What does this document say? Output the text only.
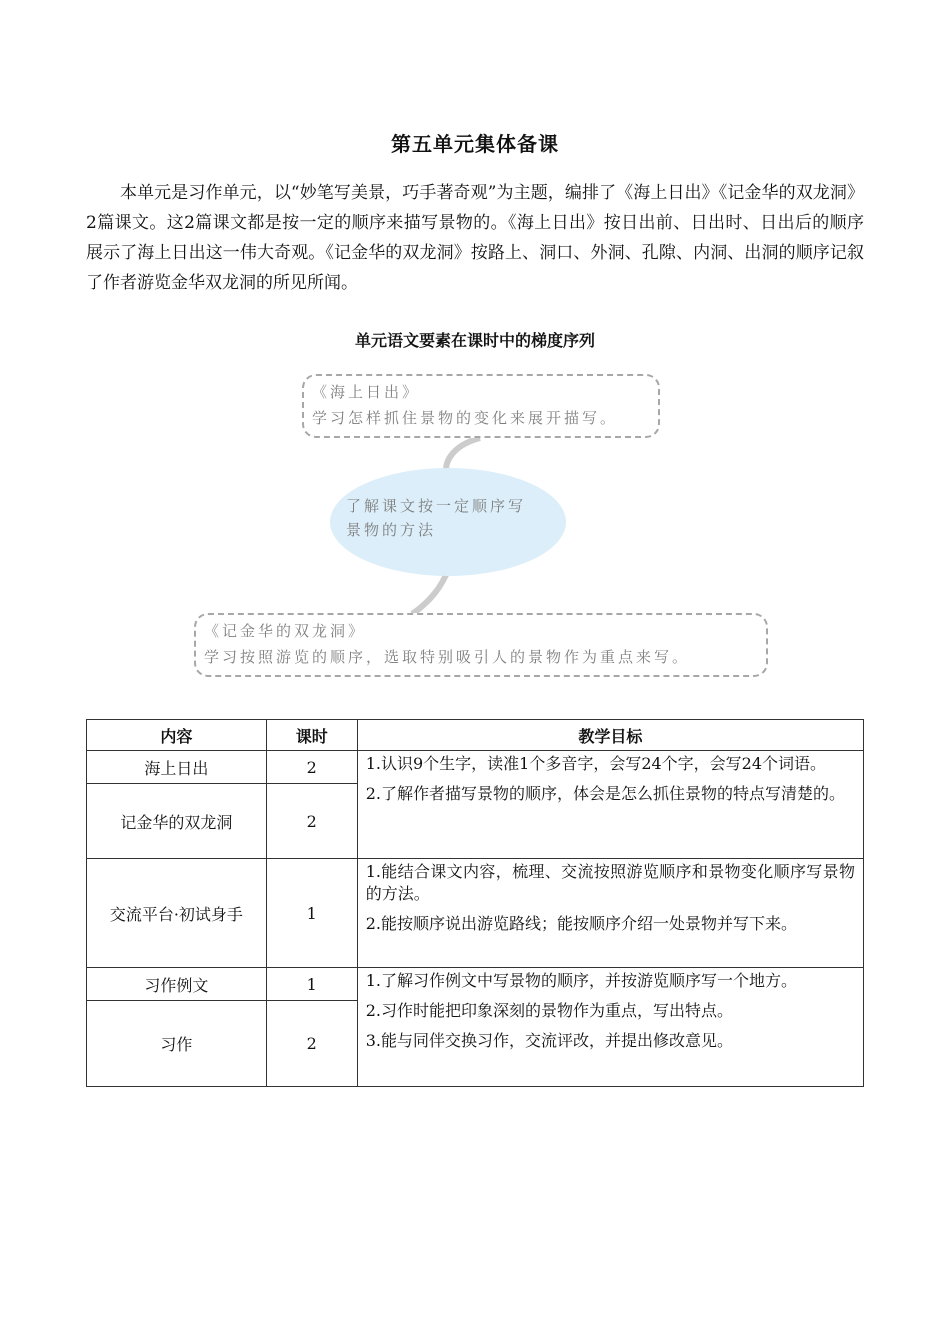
第五单元集体备课
本单元是习作单元，以“妙笔写美景，巧手著奇观”为主题，编排了《海上日出》《记金华的双龙洞》2篇课文。这2篇课文都是按一定的顺序来描写景物的。《海上日出》按日出前、日出时、日出后的顺序展示了海上日出这一伟大奇观。《记金华的双龙洞》按路上、洞口、外洞、孔隙、内洞、出洞的顺序记叙了作者游览金华双龙洞的所见所闻。
单元语文要素在课时中的梯度序列
《海上日出》
学习怎样抓住景物的变化来展开描写。
了解课文按一定顺序写
景物的方法
《记金华的双龙洞》
学习按照游览的顺序，选取特别吸引人的景物作为重点来写。
内容	课时	教学目标
海上日出	2	1.认识9个生字，读准1个多音字，会写24个字，会写24个词语。

2.了解作者描写景物的顺序，体会是怎么抓住景物的特点写清楚的。

记金华的双龙洞	2	
交流平台·初试身手	1	1.能结合课文内容，梳理、交流按照游览顺序和景物变化顺序写景物的方法。

2.能按顺序说出游览路线；能按顺序介绍一处景物并写下来。

习作例文	1	1.了解习作例文中写景物的顺序，并按游览顺序写一个地方。

2.习作时能把印象深刻的景物作为重点，写出特点。

3.能与同伴交换习作，交流评改，并提出修改意见。

习作	2	
